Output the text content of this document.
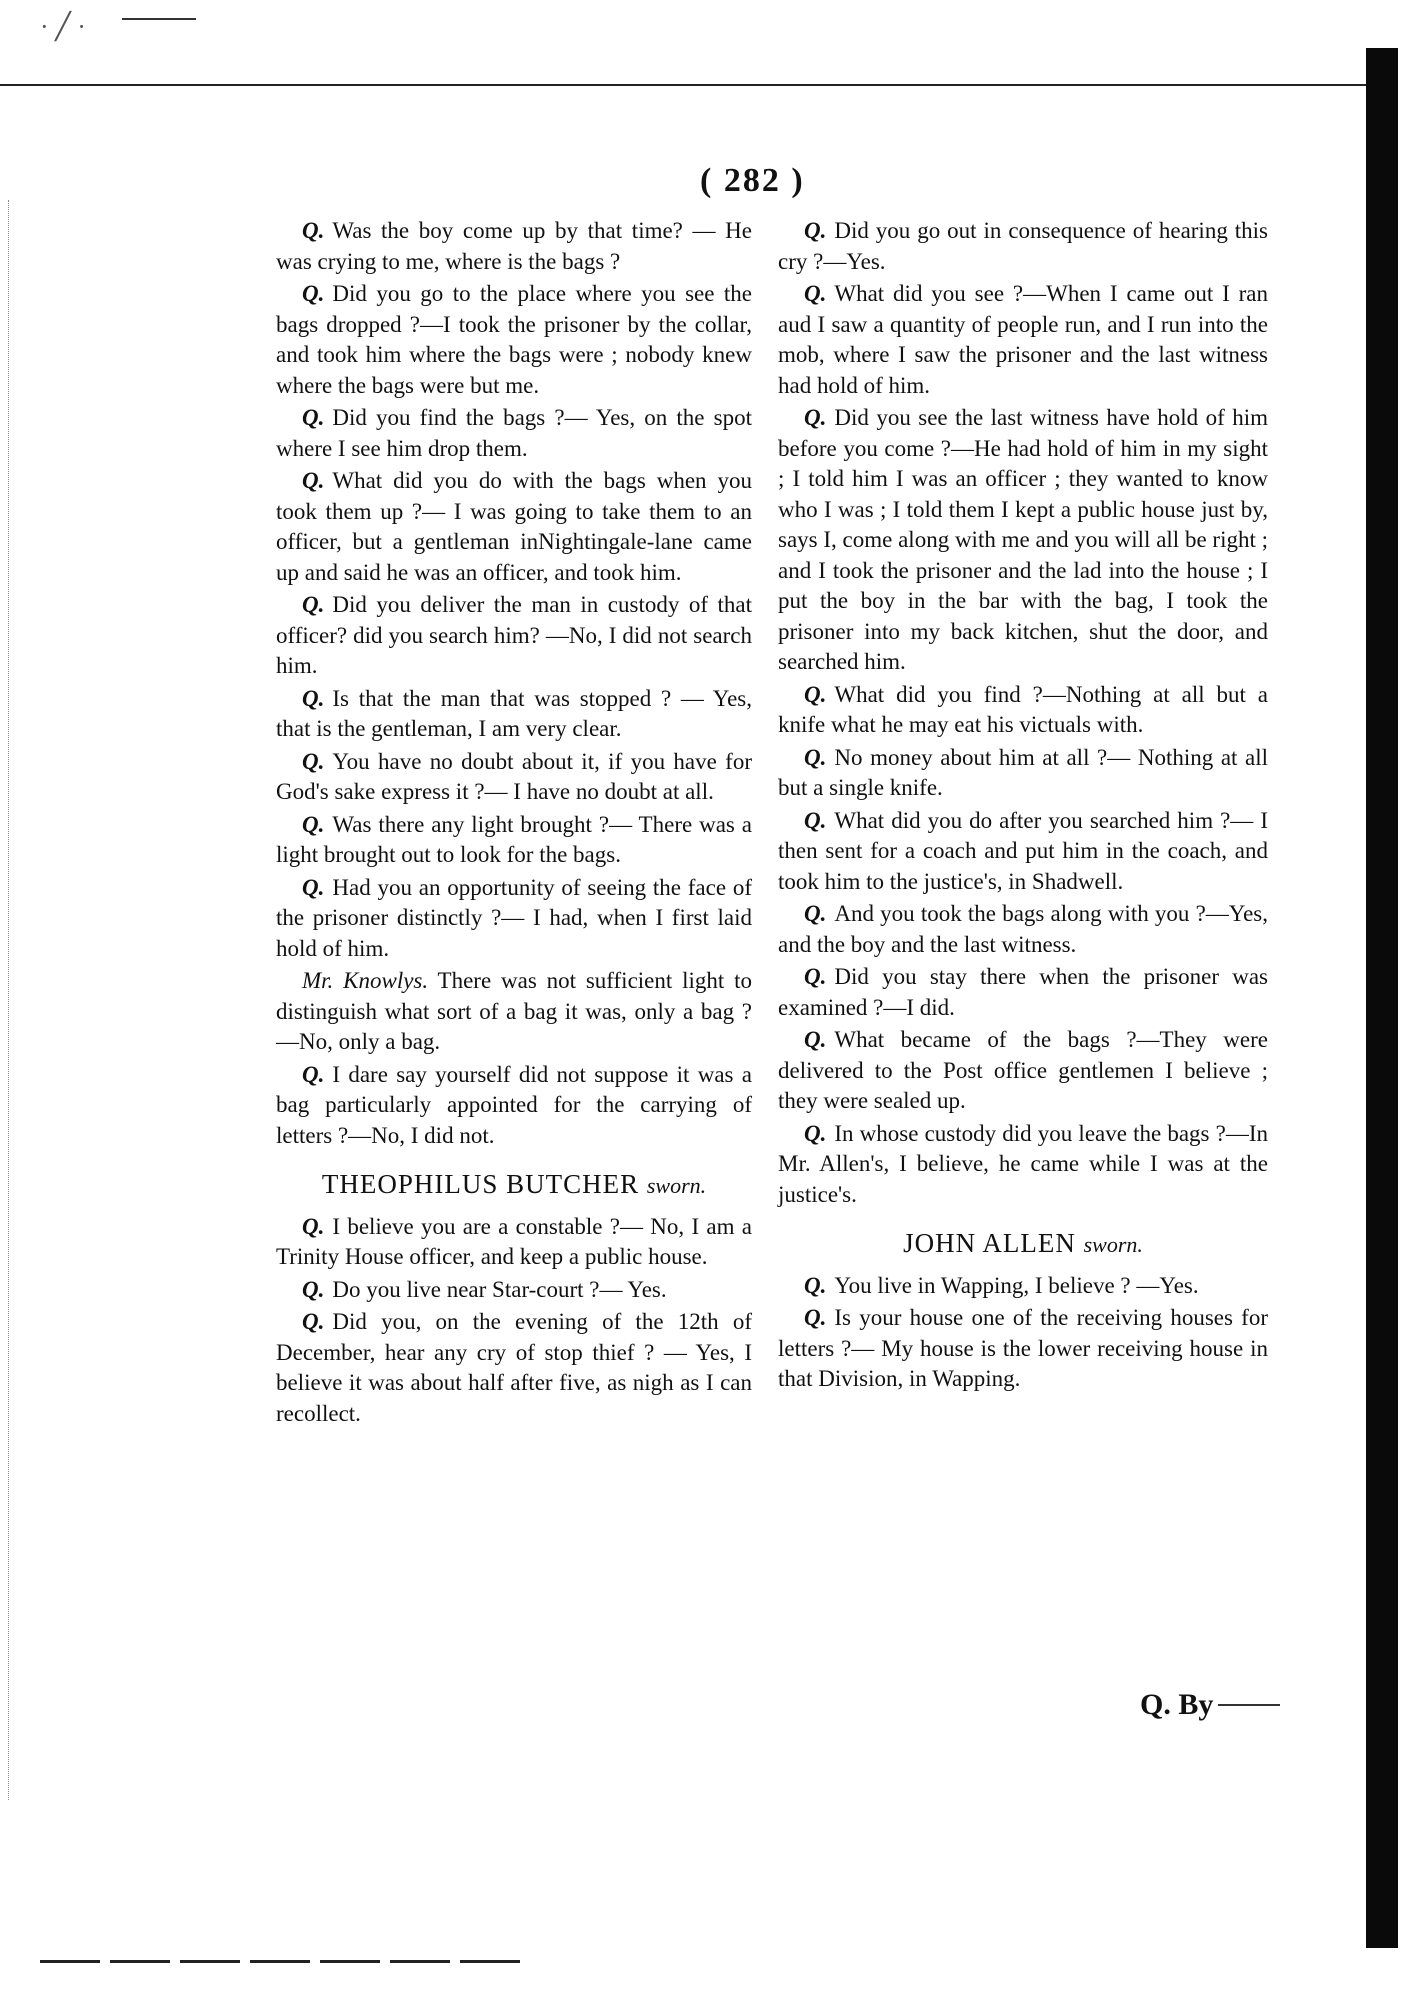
· ╱ ·
( 282 )

Q. Was the boy come up by that time? — He was crying to me, where is the bags ?

Q. Did you go to the place where you see the bags dropped ?—I took the prisoner by the collar, and took him where the bags were ; nobody knew where the bags were but me.

Q. Did you find the bags ?— Yes, on the spot where I see him drop them.

Q. What did you do with the bags when you took them up ?— I was going to take them to an officer, but a gentleman inNightingale-lane came up and said he was an officer, and took him.

Q. Did you deliver the man in custody of that officer? did you search him? —No, I did not search him.

Q. Is that the man that was stopped ? — Yes, that is the gentleman, I am very clear.

Q. You have no doubt about it, if you have for God's sake express it ?— I have no doubt at all.

Q. Was there any light brought ?— There was a light brought out to look for the bags.

Q. Had you an opportunity of seeing the face of the prisoner distinctly ?— I had, when I first laid hold of him.

Mr. Knowlys. There was not sufficient light to distinguish what sort of a bag it was, only a bag ?—No, only a bag.

Q. I dare say yourself did not suppose it was a bag particularly appointed for the carrying of letters ?—No, I did not.

THEOPHILUS BUTCHER sworn.

Q. I believe you are a constable ?— No, I am a Trinity House officer, and keep a public house.

Q. Do you live near Star-court ?— Yes.

Q. Did you, on the evening of the 12th of December, hear any cry of stop thief ? — Yes, I believe it was about half after five, as nigh as I can recollect.

Q. Did you go out in consequence of hearing this cry ?—Yes.

Q. What did you see ?—When I came out I ran aud I saw a quantity of people run, and I run into the mob, where I saw the prisoner and the last witness had hold of him.

Q. Did you see the last witness have hold of him before you come ?—He had hold of him in my sight ; I told him I was an officer ; they wanted to know who I was ; I told them I kept a public house just by, says I, come along with me and you will all be right ; and I took the prisoner and the lad into the house ; I put the boy in the bar with the bag, I took the prisoner into my back kitchen, shut the door, and searched him.

Q. What did you find ?—Nothing at all but a knife what he may eat his victuals with.

Q. No money about him at all ?— Nothing at all but a single knife.

Q. What did you do after you searched him ?— I then sent for a coach and put him in the coach, and took him to the justice's, in Shadwell.

Q. And you took the bags along with you ?—Yes, and the boy and the last witness.

Q. Did you stay there when the prisoner was examined ?—I did.

Q. What became of the bags ?—They were delivered to the Post office gentlemen I believe ; they were sealed up.

Q. In whose custody did you leave the bags ?—In Mr. Allen's, I believe, he came while I was at the justice's.

JOHN ALLEN sworn.

Q. You live in Wapping, I believe ? —Yes.

Q. Is your house one of the receiving houses for letters ?— My house is the lower receiving house in that Division, in Wapping.

Q. By
